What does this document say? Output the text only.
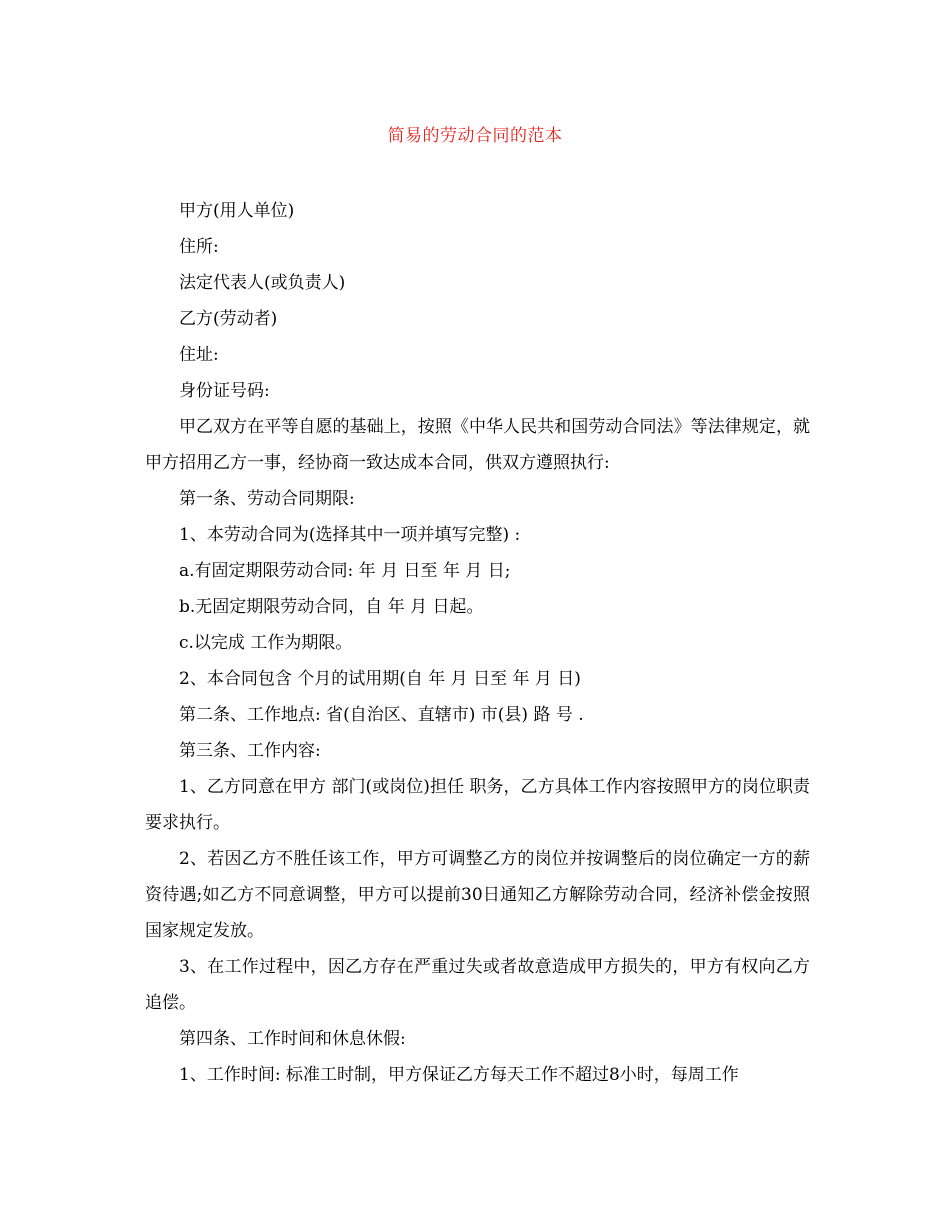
简易的劳动合同的范本

甲方(用人单位)

住所:

法定代表人(或负责人)

乙方(劳动者)

住址:

身份证号码:

甲乙双方在平等自愿的基础上，按照《中华人民共和国劳动合同法》等法律规定，就甲方招用乙方一事，经协商一致达成本合同，供双方遵照执行:

第一条、劳动合同期限:

1、本劳动合同为(选择其中一项并填写完整) :

a.有固定期限劳动合同: 年 月 日至 年 月 日;

b.无固定期限劳动合同，自 年 月 日起。

c.以完成 工作为期限。

2、本合同包含 个月的试用期(自 年 月 日至 年 月 日)

第二条、工作地点: 省(自治区、直辖市) 市(县) 路 号 .

第三条、工作内容:

1、乙方同意在甲方 部门(或岗位)担任 职务，乙方具体工作内容按照甲方的岗位职责要求执行。

2、若因乙方不胜任该工作，甲方可调整乙方的岗位并按调整后的岗位确定一方的薪资待遇;如乙方不同意调整，甲方可以提前30日通知乙方解除劳动合同，经济补偿金按照国家规定发放。

3、在工作过程中，因乙方存在严重过失或者故意造成甲方损失的，甲方有权向乙方追偿。

第四条、工作时间和休息休假:

1、工作时间: 标准工时制，甲方保证乙方每天工作不超过8小时，每周工作
